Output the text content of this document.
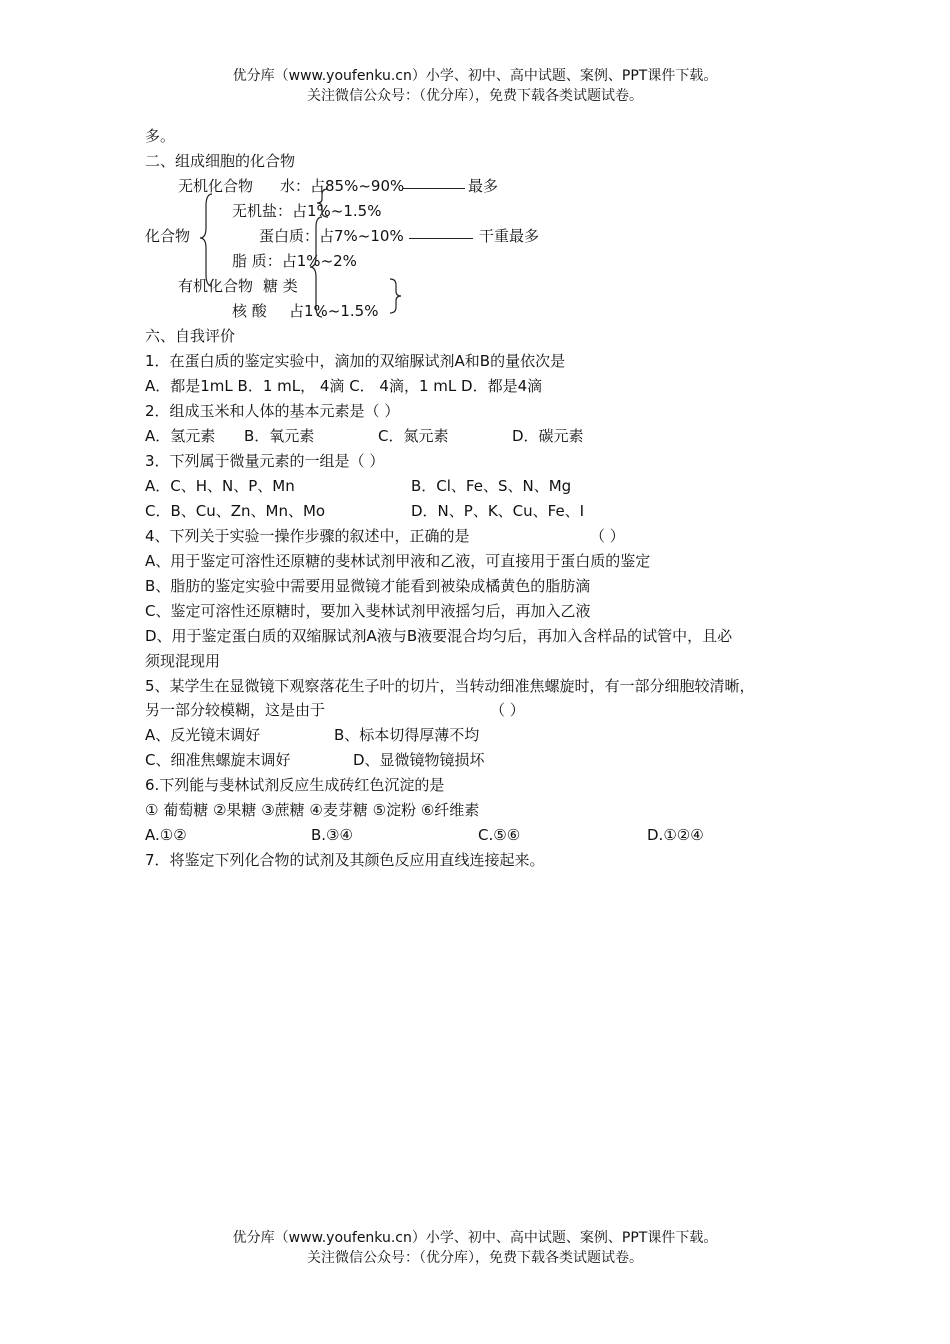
优分库（www.youfenku.cn）小学、初中、高中试题、案例、PPT课件下载。
关注微信公众号：（优分库），免费下载各类试题试卷。
多。
二、组成细胞的化合物
无机化合物 水：占85%~90%	最多
无机盐：占1%~1.5%
化合物	蛋白质：占7%~10%	干重最多
脂 质：占1%~2%
有机化合物 糖 类
核 酸 占1%~1.5%
六、自我评价
1．在蛋白质的鉴定实验中，滴加的双缩脲试剂A和B的量依次是
A．都是1mL B．1 mL， 4滴 C． 4滴，1 mL D．都是4滴
2．组成玉米和人体的基本元素是（ ）
A．氢元素 B．氧元素	C．氮元素	D．碳元素
3．下列属于微量元素的一组是（ ）
A．C、H、N、P、Mn	B．Cl、Fe、S、N、Mg
C．B、Cu、Zn、Mn、Mo	D．N、P、K、Cu、Fe、I
4、下列关于实验一操作步骤的叙述中，正确的是	（ ）
A、用于鉴定可溶性还原糖的斐林试剂甲液和乙液，可直接用于蛋白质的鉴定
B、脂肪的鉴定实验中需要用显微镜才能看到被染成橘黄色的脂肪滴
C、鉴定可溶性还原糖时，要加入斐林试剂甲液摇匀后，再加入乙液
D、用于鉴定蛋白质的双缩脲试剂A液与B液要混合均匀后，再加入含样品的试管中，且必
须现混现用
5、某学生在显微镜下观察落花生子叶的切片，当转动细准焦螺旋时，有一部分细胞较清晰，
另一部分较模糊，这是由于	（ ）
A、反光镜末调好	B、标本切得厚薄不均
C、细准焦螺旋末调好	D、显微镜物镜损坏
6.下列能与斐林试剂反应生成砖红色沉淀的是
① 葡萄糖 ②果糖 ③蔗糖 ④麦芽糖 ⑤淀粉 ⑥纤维素
A.①②	B.③④	C.⑤⑥	D.①②④
7．将鉴定下列化合物的试剂及其颜色反应用直线连接起来。
优分库（www.youfenku.cn）小学、初中、高中试题、案例、PPT课件下载。
关注微信公众号：（优分库），免费下载各类试题试卷。
